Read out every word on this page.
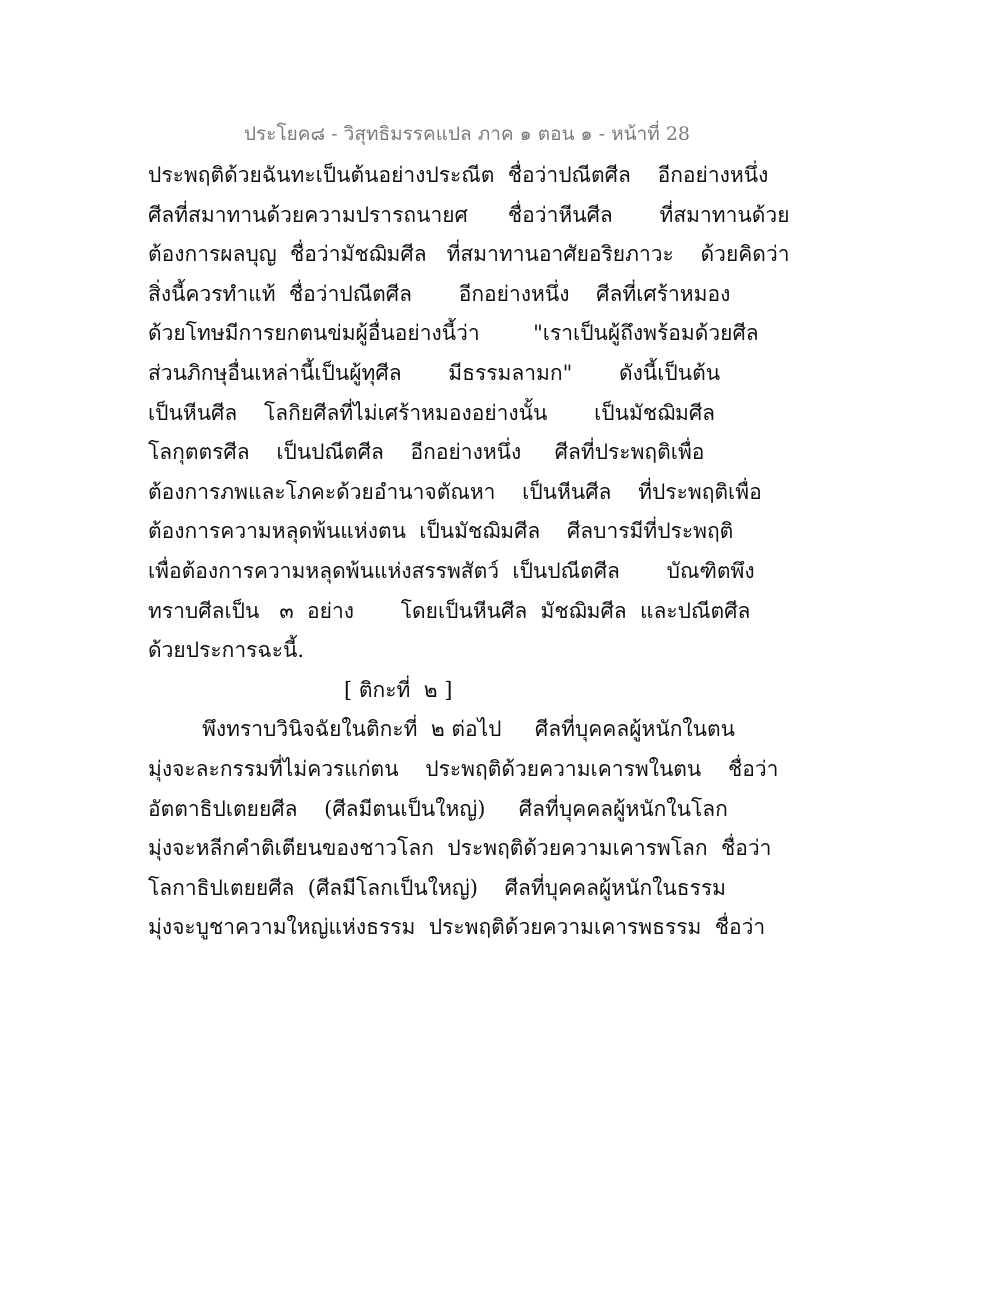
ประโยค๘ - วิสุทธิมรรคแปล ภาค ๑ ตอน ๑ - หน้าที่ 28
ประพฤติด้วยฉันทะเป็นต้นอย่างประณีต  ชื่อว่าปณีตศีล    อีกอย่างหนึ่ง
ศีลที่สมาทานด้วยความปรารถนายศ      ชื่อว่าหีนศีล       ที่สมาทานด้วย
ต้องการผลบุญ  ชื่อว่ามัชฌิมศีล   ที่สมาทานอาศัยอริยภาวะ    ด้วยคิดว่า
สิ่งนี้ควรทำแท้  ชื่อว่าปณีตศีล       อีกอย่างหนึ่ง    ศีลที่เศร้าหมอง
ด้วยโทษมีการยกตนข่มผู้อื่นอย่างนี้ว่า        "เราเป็นผู้ถึงพร้อมด้วยศีล
ส่วนภิกษุอื่นเหล่านี้เป็นผู้ทุศีล       มีธรรมลามก"       ดังนี้เป็นต้น
เป็นหีนศีล    โลกิยศีลที่ไม่เศร้าหมองอย่างนั้น       เป็นมัชฌิมศีล
โลกุตตรศีล    เป็นปณีตศีล    อีกอย่างหนึ่ง     ศีลที่ประพฤติเพื่อ
ต้องการภพและโภคะด้วยอำนาจตัณหา    เป็นหีนศีล    ที่ประพฤติเพื่อ
ต้องการความหลุดพ้นแห่งตน  เป็นมัชฌิมศีล    ศีลบารมีที่ประพฤติ
เพื่อต้องการความหลุดพ้นแห่งสรรพสัตว์  เป็นปณีตศีล       บัณฑิตพึง
ทราบศีลเป็น   ๓  อย่าง       โดยเป็นหีนศีล  มัชฌิมศีล  และปณีตศีล
ด้วยประการฉะนี้.
[ ติกะที่  ๒ ]
พึงทราบวินิจฉัยในติกะที่  ๒ ต่อไป     ศีลที่บุคคลผู้หนักในตน
มุ่งจะละกรรมที่ไม่ควรแก่ตน    ประพฤติด้วยความเคารพในตน    ชื่อว่า
อัตตาธิปเตยยศีล    (ศีลมีตนเป็นใหญ่)     ศีลที่บุคคลผู้หนักในโลก
มุ่งจะหลีกคำติเตียนของชาวโลก  ประพฤติด้วยความเคารพโลก  ชื่อว่า
โลกาธิปเตยยศีล  (ศีลมีโลกเป็นใหญ่)    ศีลที่บุคคลผู้หนักในธรรม
มุ่งจะบูชาความใหญ่แห่งธรรม  ประพฤติด้วยความเคารพธรรม  ชื่อว่า
